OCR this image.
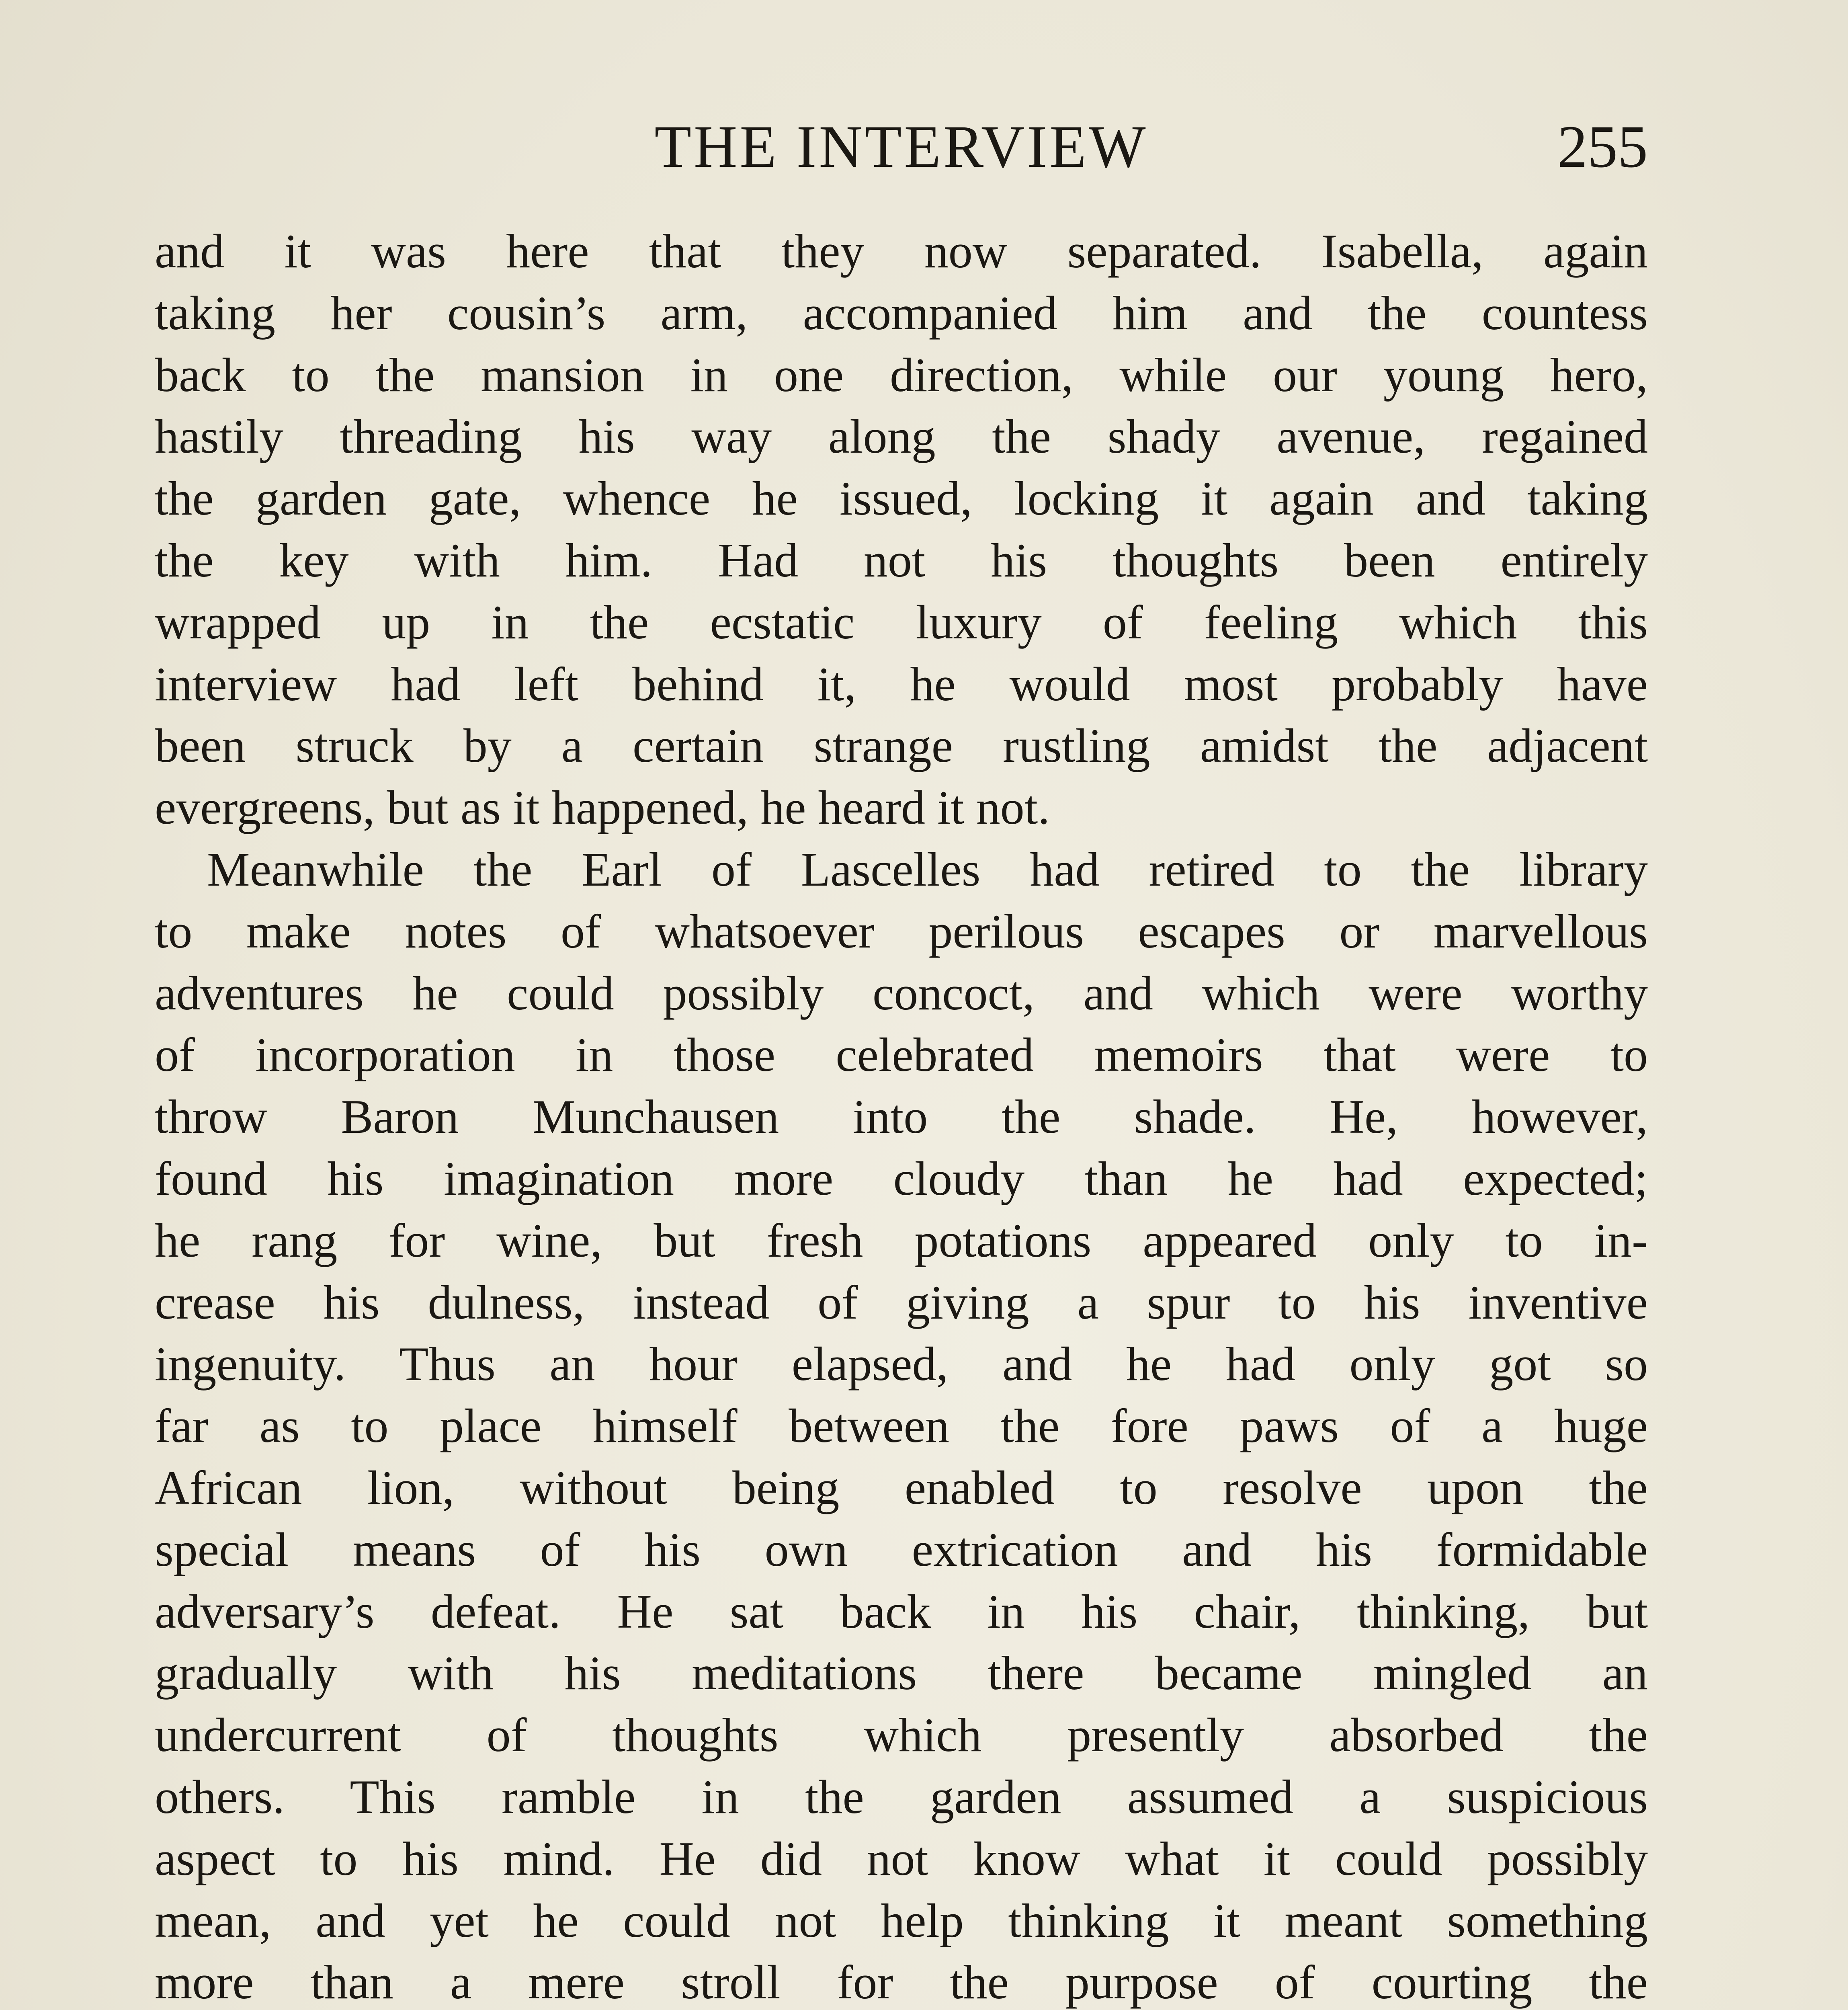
THE INTERVIEW	255
and it was here that they now separated. Isabella, again
taking her cousin’s arm, accompanied him and the countess
back to the mansion in one direction, while our young hero,
hastily threading his way along the shady avenue, regained
the garden gate, whence he issued, locking it again and taking
the key with him. Had not his thoughts been entirely
wrapped up in the ecstatic luxury of feeling which this
interview had left behind it, he would most probably have
been struck by a certain strange rustling amidst the adjacent
evergreens, but as it happened, he heard it not.
Meanwhile the Earl of Lascelles had retired to the library
to make notes of whatsoever perilous escapes or marvellous
adventures he could possibly concoct, and which were worthy
of incorporation in those celebrated memoirs that were to
throw Baron Munchausen into the shade. He, however,
found his imagination more cloudy than he had expected;
he rang for wine, but fresh potations appeared only to in-
crease his dulness, instead of giving a spur to his inventive
ingenuity. Thus an hour elapsed, and he had only got so
far as to place himself between the fore paws of a huge
African lion, without being enabled to resolve upon the
special means of his own extrication and his formidable
adversary’s defeat. He sat back in his chair, thinking, but
gradually with his meditations there became mingled an
undercurrent of thoughts which presently absorbed the
others. This ramble in the garden assumed a suspicious
aspect to his mind. He did not know what it could possibly
mean, and yet he could not help thinking it meant something
more than a mere stroll for the purpose of courting the
